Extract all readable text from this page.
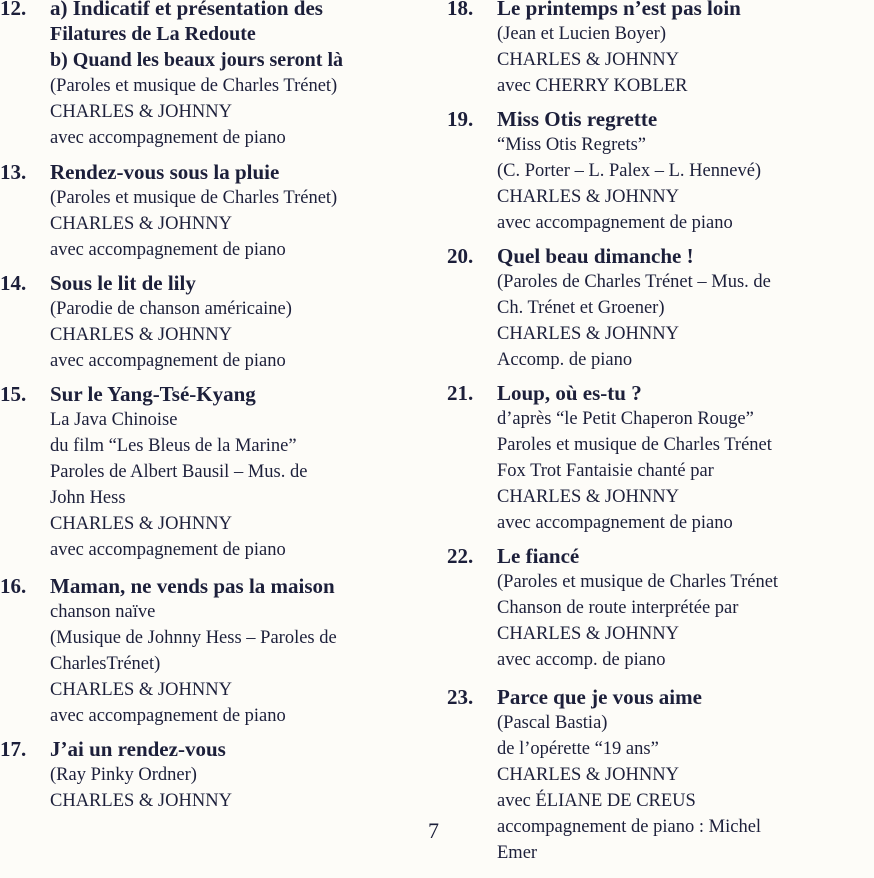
12. a) Indicatif et présentation des
Filatures de La Redoute
b) Quand les beaux jours seront là
(Paroles et musique de Charles Trénet)
CHARLES & JOHNNY
avec accompagnement de piano
13. Rendez-vous sous la pluie
(Paroles et musique de Charles Trénet)
CHARLES & JOHNNY
avec accompagnement de piano
14. Sous le lit de lily
(Parodie de chanson américaine)
CHARLES & JOHNNY
avec accompagnement de piano
15. Sur le Yang-Tsé-Kyang
La Java Chinoise
du film “Les Bleus de la Marine”
Paroles de Albert Bausil – Mus. de
John Hess
CHARLES & JOHNNY
avec accompagnement de piano
16. Maman, ne vends pas la maison
chanson naïve
(Musique de Johnny Hess – Paroles de
CharlesTrénet)
CHARLES & JOHNNY
avec accompagnement de piano
17. J’ai un rendez-vous
(Ray Pinky Ordner)
CHARLES & JOHNNY
18. Le printemps n’est pas loin
(Jean et Lucien Boyer)
CHARLES & JOHNNY
avec CHERRY KOBLER
19. Miss Otis regrette
“Miss Otis Regrets”
(C. Porter – L. Palex – L. Hennevé)
CHARLES & JOHNNY
avec accompagnement de piano
20. Quel beau dimanche !
(Paroles de Charles Trénet – Mus. de
Ch. Trénet et Groener)
CHARLES & JOHNNY
Accomp. de piano
21. Loup, où es-tu ?
d’après “le Petit Chaperon Rouge”
Paroles et musique de Charles Trénet
Fox Trot Fantaisie chanté par
CHARLES & JOHNNY
avec accompagnement de piano
22. Le fiancé
(Paroles et musique de Charles Trénet
Chanson de route interprétée par
CHARLES & JOHNNY
avec accomp. de piano
23. Parce que je vous aime
(Pascal Bastia)
de l’opérette “19 ans”
CHARLES & JOHNNY
avec ÉLIANE DE CREUS
accompagnement de piano : Michel
Emer
7
